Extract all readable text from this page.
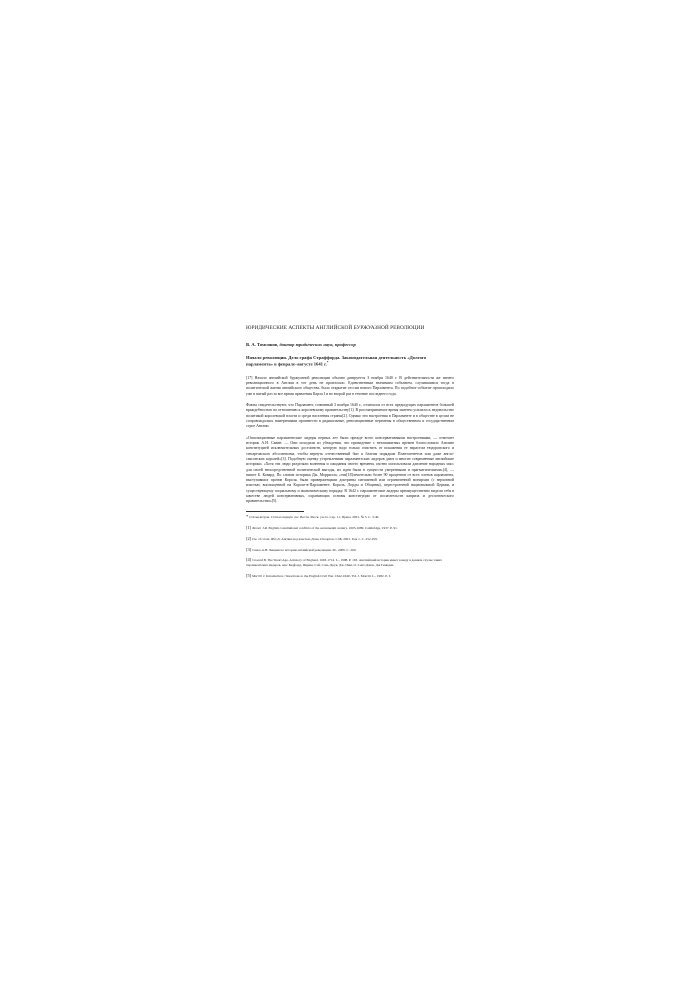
ЮРИДИЧЕСКИЕ АСПЕКТЫ АНГЛИЙСКОЙ БУРЖУАЗНОЙ РЕВОЛЮЦИИ
В. А. Томсинов, доктор юридических наук, профессор
Начало революции. Дело графа Страффорда. Законодательная деятельность «Долгого парламента» в феврале–августе 1641 г.*

[17] Начало английской буржуазной революции обычно датируется 3 ноября 1640 г. В действительности же ничего революционного в Англии в тот день не произошло. Единственным значимым событием, случившимся тогда в политической жизни английского общества, было открытие сессии нового Парламента. По подобное событие происходило уже в пятый раз за все время правления Карла I и во второй раз в течение последнего года.

Факты свидетельствуют, что Парламент, созванный 3 ноября 1640 г., отличался от всех предыдущих парламентов большей враждебностью по отношению к королевскому правительству[1]. В рассматриваемое время заметно усилилось недовольство политикой королевской власти и среди населения страны[2]. Однако эти настроения в Парламенте и в обществе в целом не сопровождались намерениями произвести в радикальные, революционные перемены в общественном и государственном строе Англии.

«Оппозиционные парламентские лидеры первых лет были прежде всего консервативными настроениями, — отмечает историк А.Н. Савин. — Они исходили из убеждения, что провидение с незапамятных времен благословило Англию конституцией исключительных достоинств, которую надо только очистить от искажения ее нарастом тюдоровского и стюартовского абсолютизма, чтобы вернуть отечественный быт к благим порядкам Плантагенетов или даже англо-саксонских королей»[3]. Подобную оценку устремлениям парламентских лидеров дают и многие современные английские историки. «Хотя эти люди разделяли волнения и ожидания своего времени, охотно использовали давление народных масс для своей непосредственной политической выгоды, их идеи были в сущности умеренными и прагматическими»[4], — пишет Б. Ковард. По словам историка Дж. Моррилла, «эти[18]лечительно более 90 процентов от всех членов парламента, выступавших против Короля, были приверженцами доктрины смешанной или ограниченной монархии (с верховной властью, воплощенной на Короле-в-Парламенте: Король, Лорды и Общины), перестроенной национальной Церкви, и существующему социальному и экономическому порядку. В 1642 г. парламентские лидеры преимущественно видели себя в качестве людей консервативных, охраняющих основы конституции от посягательств каприза и деспотического правительства»[5].

* Статья вторая. Статью первую см.: Вестн. Моск. ун-та. Сер. 11, Право. 2001. № 3. С. 3-40.
[1] Tanner J.R. English constitutional conflicts of the seventeenth century. 1603-1689. Cambridge, 1937. P. 91.
[2] См. об этом: Ябл Д. Англия под властью Дома Стюартов. СпБ, 2001. Том 1. С. 252-259.
[3] Савин А.Н. Лекции по истории английской революции. М., 2000. С. 260.
[4] Coward B. The Stuart Age. A history of England, 1603-1714. L., 1998. P. 163. Английский историк имеет в виду в данном случае таких парламентских лидеров, как: Бедфорд, Пирим, Сэй, Сэнь, Брук, Дж. Пим, О. Сент-Джон, Дж Гемпден.
[5] Morrill J. Introduction // Reactions to the English Civil War. 1642-1649 / Ed. J. Morrill. L., 1982. P. 3.
